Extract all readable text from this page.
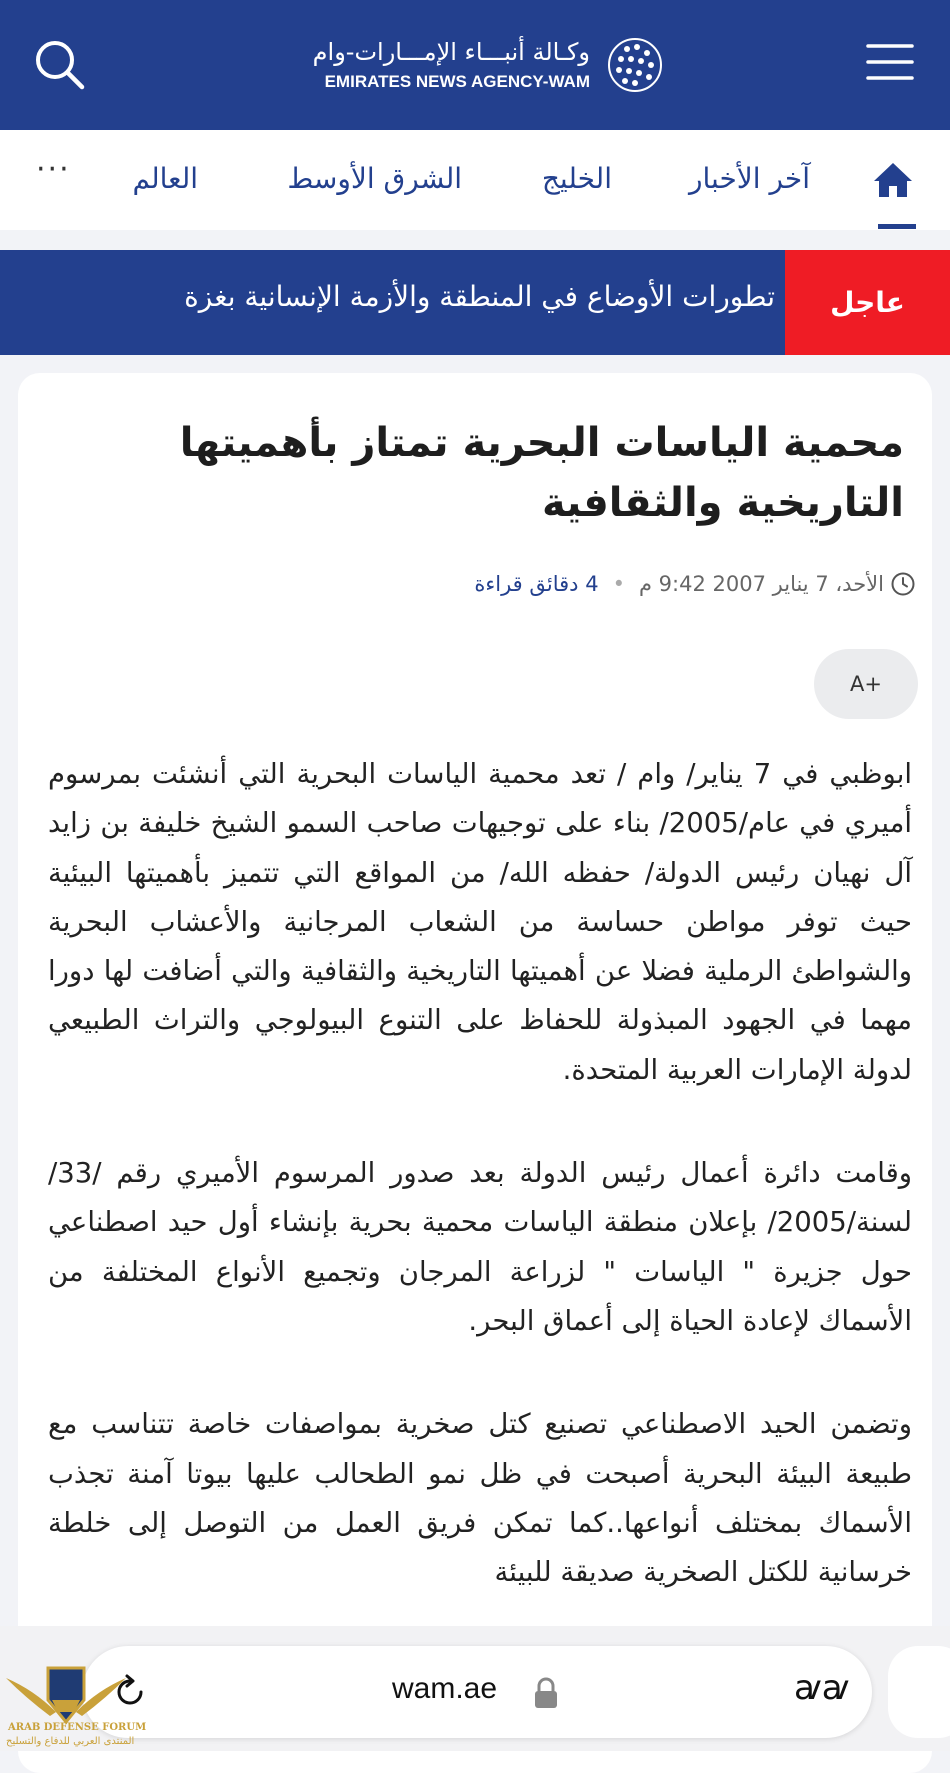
وكـالة أنبـــاء الإمـــارات-وام
EMIRATES NEWS AGENCY-WAM
آخر الأخبار
الخليج
الشرق الأوسط
العالم
···
تطورات الأوضاع في المنطقة والأزمة الإنسانية بغزة	عاجل
محمية الياسات البحرية تمتاز بأهميتها التاريخية والثقافية
الأحد، 7 يناير 2007 9:42 م
•
4 دقائق قراءة
A+

ابوظبي في 7 يناير/ وام / تعد محمية الياسات البحرية التي أنشئت بمرسوم أميري في عام/2005/ بناء على توجيهات صاحب السمو الشيخ خليفة بن زايد آل نهيان رئيس الدولة/ حفظه الله/ من المواقع التي تتميز بأهميتها البيئية حيث توفر مواطن حساسة من الشعاب المرجانية والأعشاب البحرية والشواطئ الرملية فضلا عن أهميتها التاريخية والثقافية والتي أضافت لها دورا مهما في الجهود المبذولة للحفاظ على التنوع البيولوجي والتراث الطبيعي لدولة الإمارات العربية المتحدة.

وقامت دائرة أعمال رئيس الدولة بعد صدور المرسوم الأميري رقم /33/ لسنة/2005/ بإعلان منطقة الياسات محمية بحرية بإنشاء أول حيد اصطناعي حول جزيرة " الياسات " لزراعة المرجان وتجميع الأنواع المختلفة من الأسماك لإعادة الحياة إلى أعماق البحر.

وتضمن الحيد الاصطناعي تصنيع كتل صخرية بمواصفات خاصة تتناسب مع طبيعة البيئة البحرية أصبحت في ظل نمو الطحالب عليها بيوتا آمنة تجذب الأسماك بمختلف أنواعها..كما تمكن فريق العمل من التوصل إلى خلطة خرسانية للكتل الصخرية صديقة للبيئة

wam.ae	ꜹꜹ
ARAB DEFENSE FORUM
المنتدى العربي للدفاع والتسليح
